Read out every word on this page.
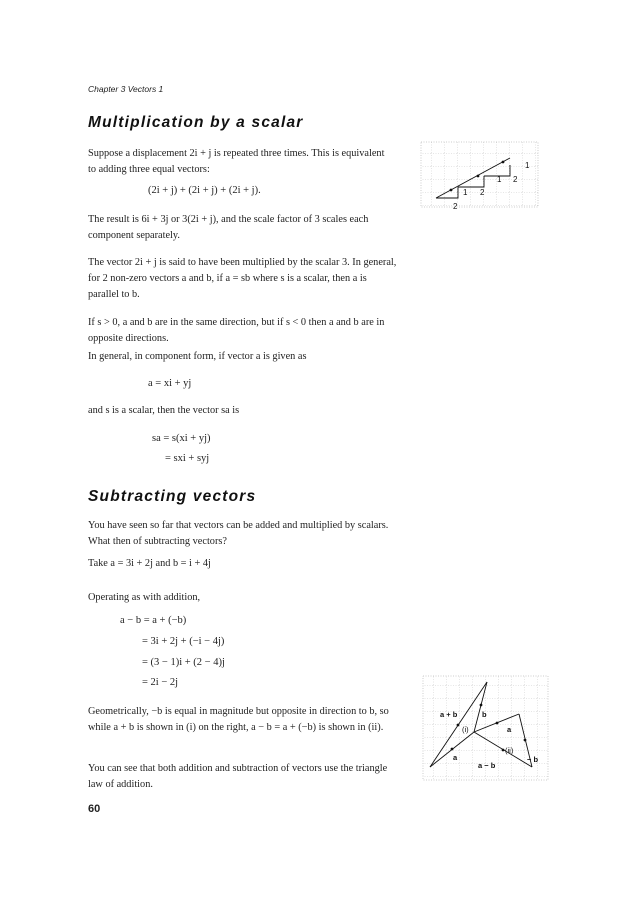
Chapter 3 Vectors 1
Multiplication by a scalar
Suppose a displacement 2i + j is repeated three times. This is equivalent to adding three equal vectors:
(2i + j) + (2i + j) + (2i + j).
The result is 6i + 3j or 3(2i + j), and the scale factor of 3 scales each component separately.
The vector 2i + j is said to have been multiplied by the scalar 3. In general, for 2 non-zero vectors a and b, if a = sb where s is a scalar, then a is parallel to b.
If s > 0, a and b are in the same direction, but if s < 0 then a and b are in opposite directions.
In general, in component form, if vector a is given as
a = xi + yj
and s is a scalar, then the vector sa is
sa = s(xi + yj)
= sxi + syj
Subtracting vectors
You have seen so far that vectors can be added and multiplied by scalars. What then of subtracting vectors?
Take a = 3i + 2j and b = i + 4j
Operating as with addition,
a − b = a + (−b)
= 3i + 2j + (−i − 4j)
= (3 − 1)i + (2 − 4)j
= 2i − 2j
Geometrically, −b is equal in magnitude but opposite in direction to b, so while a + b is shown in (i) on the right, a − b = a + (−b) is shown in (ii).
You can see that both addition and subtraction of vectors use the triangle law of addition.
60
2
1 2
1 2
1
a + b	b
(i)
a
a
(ii)
a − b
− b
